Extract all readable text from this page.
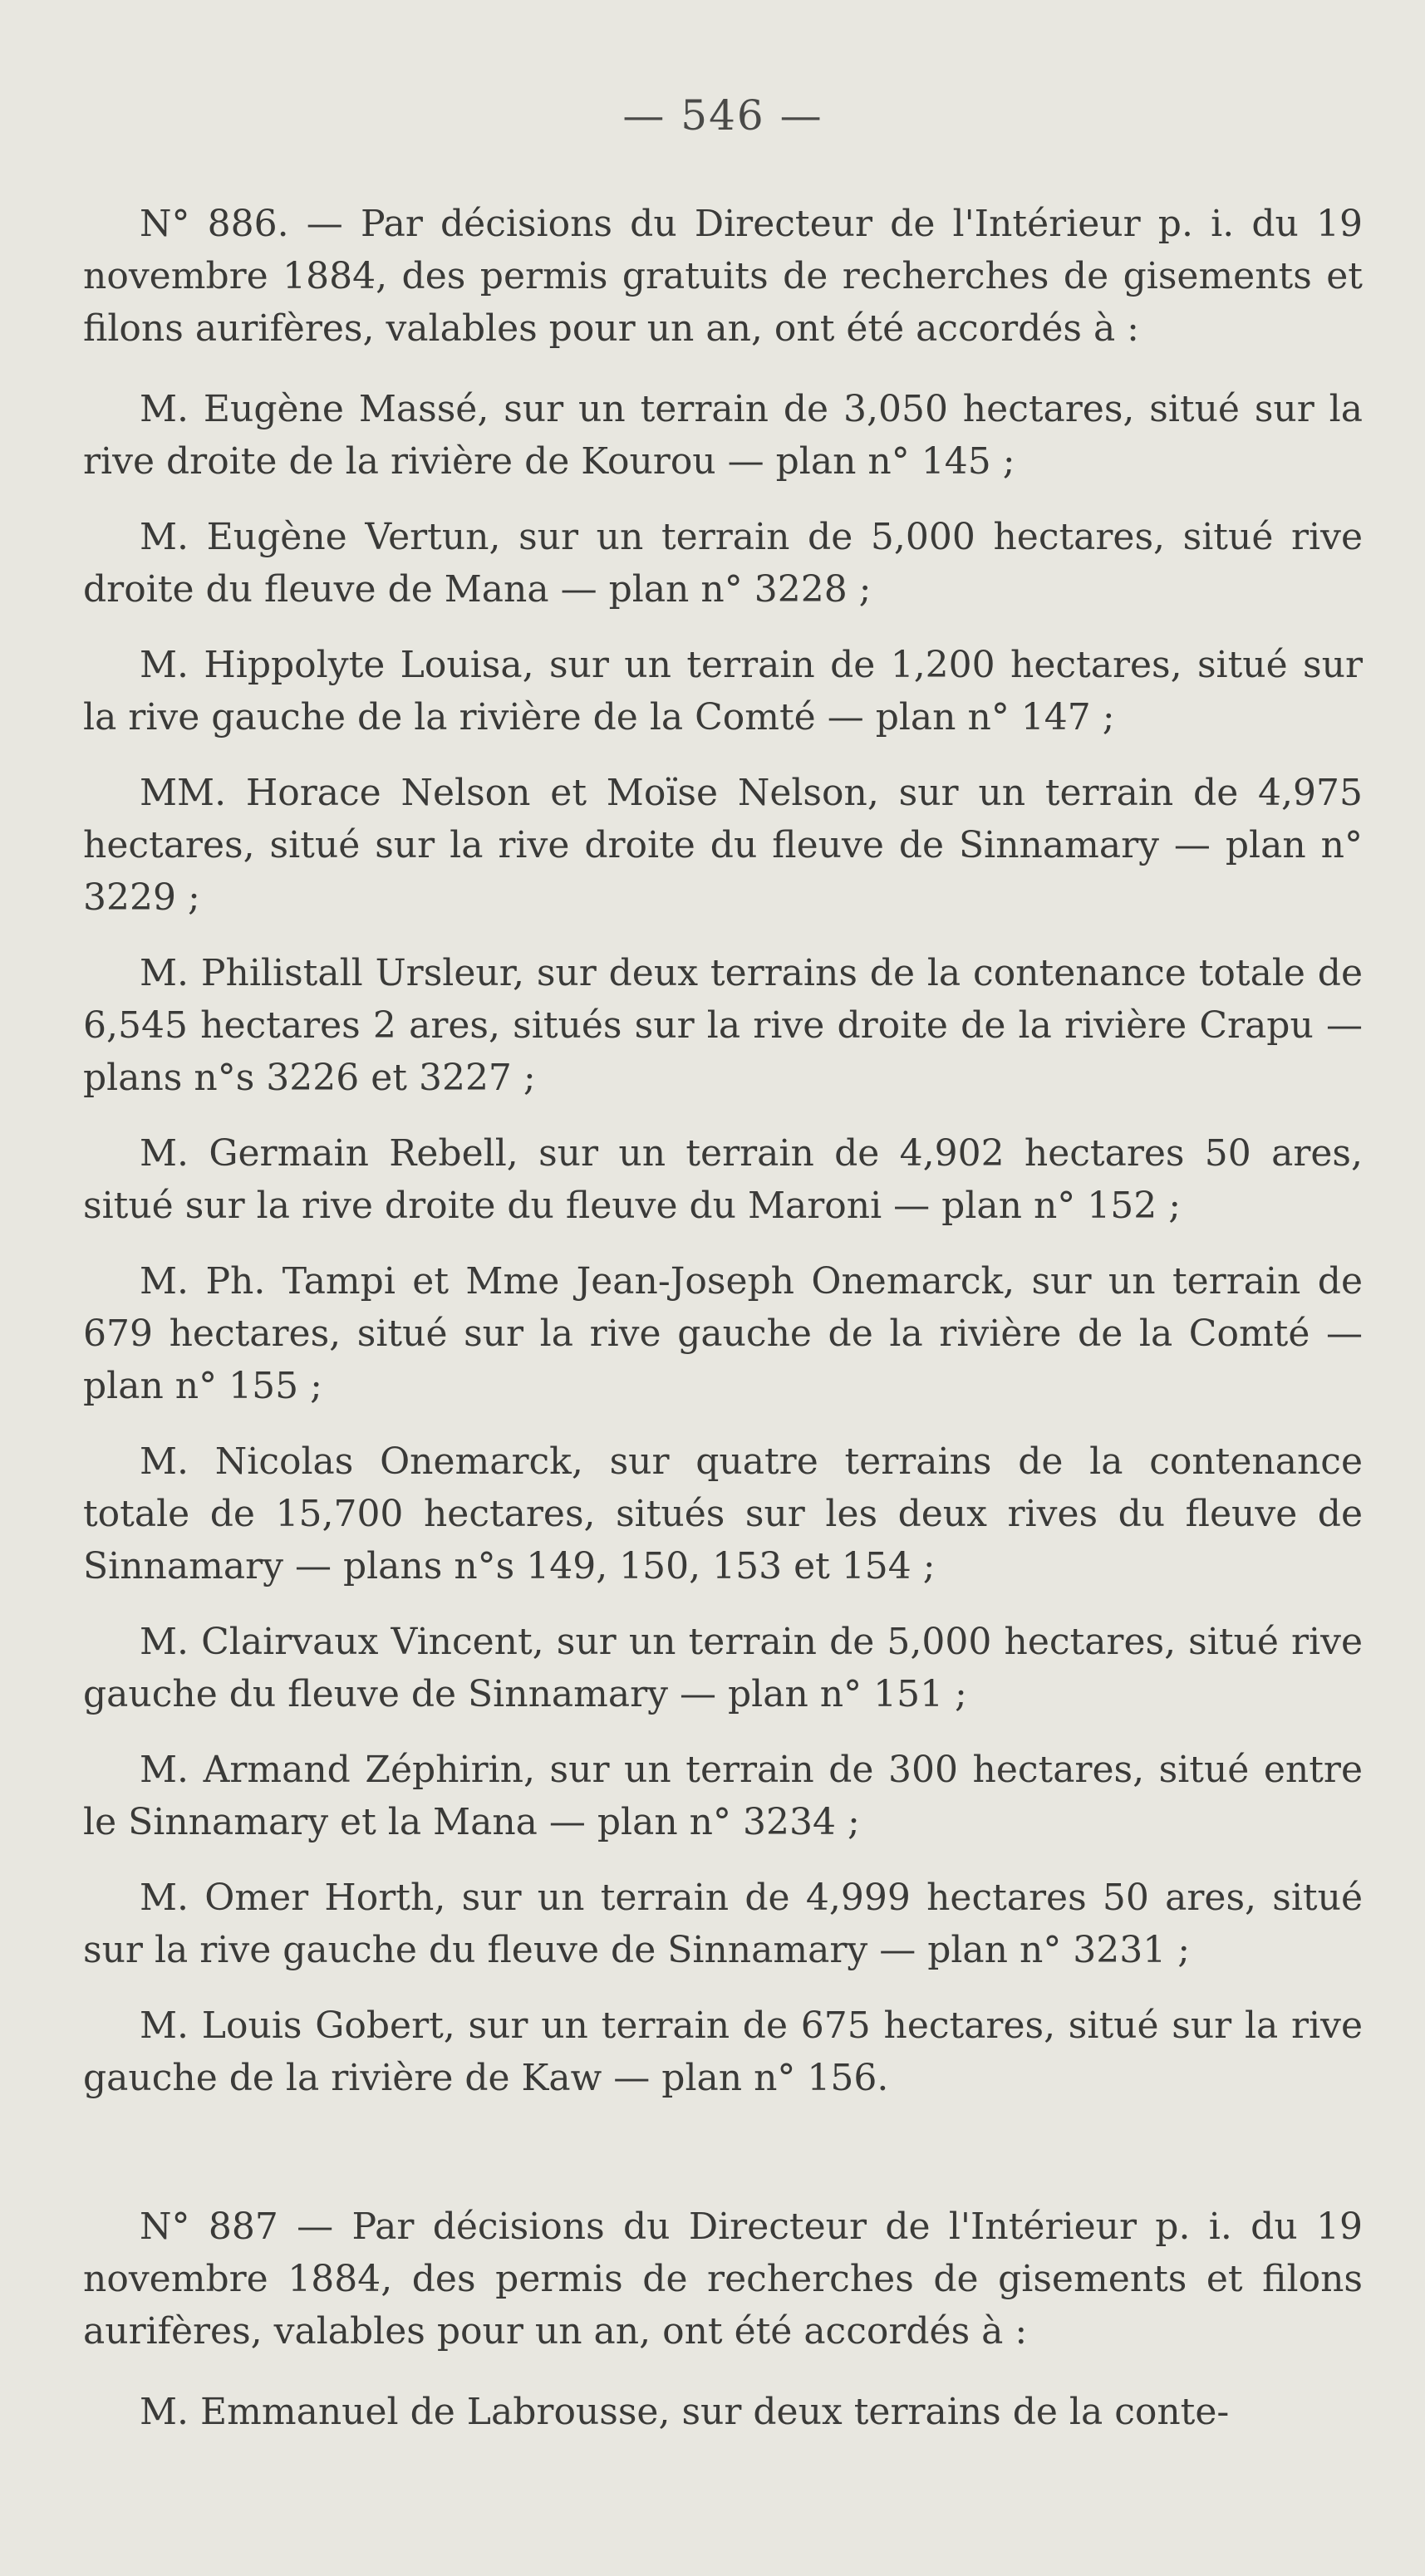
— 546 —

N° 886. — Par décisions du Directeur de l'Intérieur p. i. du 19 novembre 1884, des permis gratuits de recherches de gisements et filons aurifères, valables pour un an, ont été accordés à :

M. Eugène Massé, sur un terrain de 3,050 hectares, situé sur la rive droite de la rivière de Kourou — plan n° 145 ;

M. Eugène Vertun, sur un terrain de 5,000 hectares, situé rive droite du fleuve de Mana — plan n° 3228 ;

M. Hippolyte Louisa, sur un terrain de 1,200 hectares, situé sur la rive gauche de la rivière de la Comté — plan n° 147 ;

MM. Horace Nelson et Moïse Nelson, sur un terrain de 4,975 hectares, situé sur la rive droite du fleuve de Sinnamary — plan n° 3229 ;

M. Philistall Ursleur, sur deux terrains de la contenance totale de 6,545 hectares 2 ares, situés sur la rive droite de la rivière Crapu — plans n°s 3226 et 3227 ;

M. Germain Rebell, sur un terrain de 4,902 hectares 50 ares, situé sur la rive droite du fleuve du Maroni — plan n° 152 ;

M. Ph. Tampi et Mme Jean-Joseph Onemarck, sur un terrain de 679 hectares, situé sur la rive gauche de la rivière de la Comté — plan n° 155 ;

M. Nicolas Onemarck, sur quatre terrains de la contenance totale de 15,700 hectares, situés sur les deux rives du fleuve de Sinnamary — plans n°s 149, 150, 153 et 154 ;

M. Clairvaux Vincent, sur un terrain de 5,000 hectares, situé rive gauche du fleuve de Sinnamary — plan n° 151 ;

M. Armand Zéphirin, sur un terrain de 300 hectares, situé entre le Sinnamary et la Mana — plan n° 3234 ;

M. Omer Horth, sur un terrain de 4,999 hectares 50 ares, situé sur la rive gauche du fleuve de Sinnamary — plan n° 3231 ;

M. Louis Gobert, sur un terrain de 675 hectares, situé sur la rive gauche de la rivière de Kaw — plan n° 156.

N° 887 — Par décisions du Directeur de l'Intérieur p. i. du 19 novembre 1884, des permis de recherches de gisements et filons aurifères, valables pour un an, ont été accordés à :

M. Emmanuel de Labrousse, sur deux terrains de la conte-
